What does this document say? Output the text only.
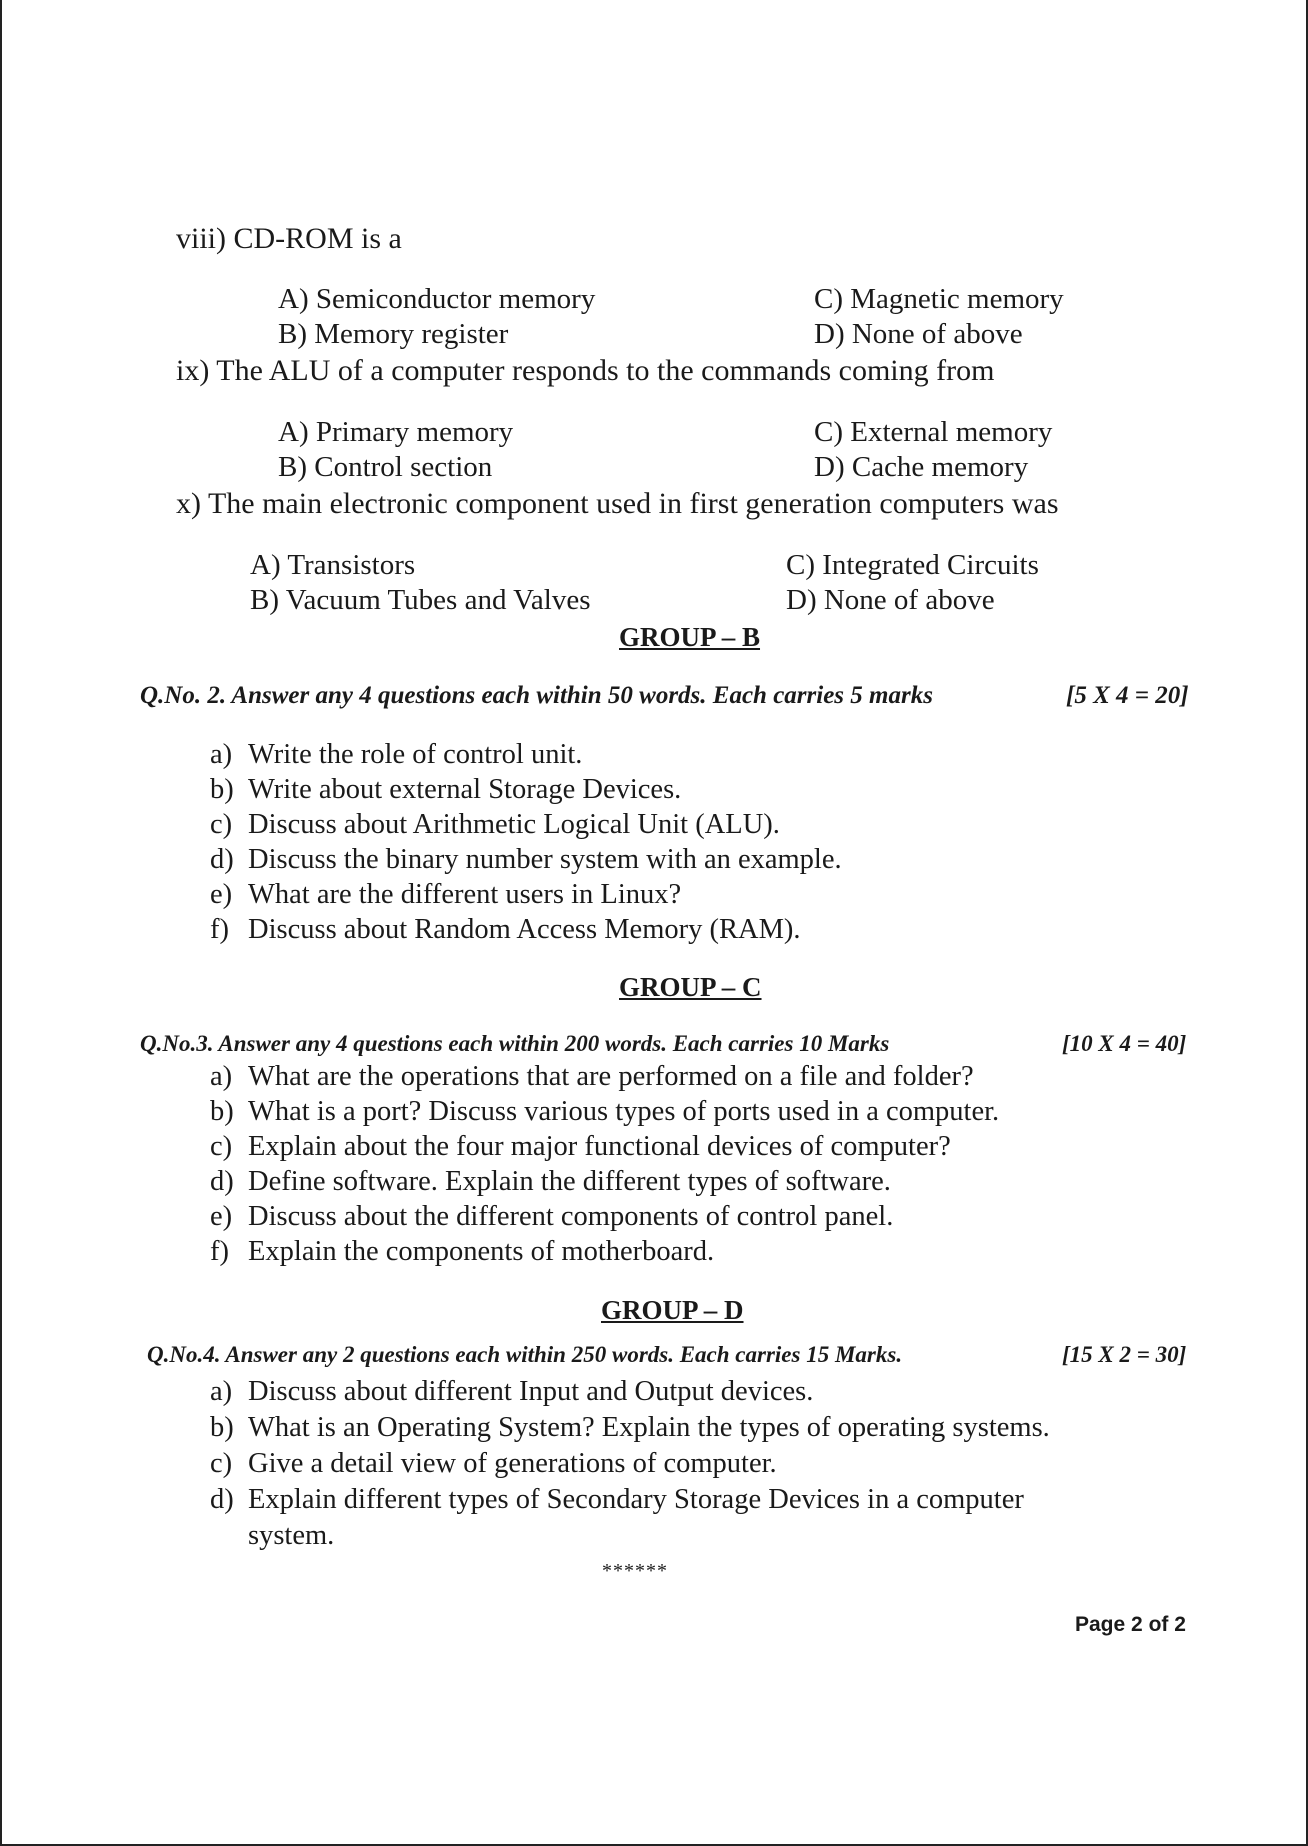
viii) CD-ROM is a
A) Semiconductor memory	C) Magnetic memory
B) Memory register	D) None of above
ix) The ALU of a computer responds to the commands coming from
A) Primary memory	C) External memory
B) Control section	D) Cache memory
x) The main electronic component used in first generation computers was
A) Transistors	C) Integrated Circuits
B) Vacuum Tubes and Valves	D) None of above
GROUP – B
Q.No. 2. Answer any 4 questions each within 50 words. Each carries 5 marks	[5 X 4 = 20]
a) Write the role of control unit.
b) Write about external Storage Devices.
c) Discuss about Arithmetic Logical Unit (ALU).
d) Discuss the binary number system with an example.
e) What are the different users in Linux?
f) Discuss about Random Access Memory (RAM).
GROUP – C
Q.No.3. Answer any 4 questions each within 200 words. Each carries 10 Marks	[10 X 4 = 40]
a) What are the operations that are performed on a file and folder?
b) What is a port? Discuss various types of ports used in a computer.
c) Explain about the four major functional devices of computer?
d) Define software. Explain the different types of software.
e) Discuss about the different components of control panel.
f) Explain the components of motherboard.
GROUP – D
Q.No.4. Answer any 2 questions each within 250 words. Each carries 15 Marks.	[15 X 2 = 30]
a) Discuss about different Input and Output devices.
b) What is an Operating System? Explain the types of operating systems.
c) Give a detail view of generations of computer.
d) Explain different types of Secondary Storage Devices in a computer
system.
******
Page 2 of 2
